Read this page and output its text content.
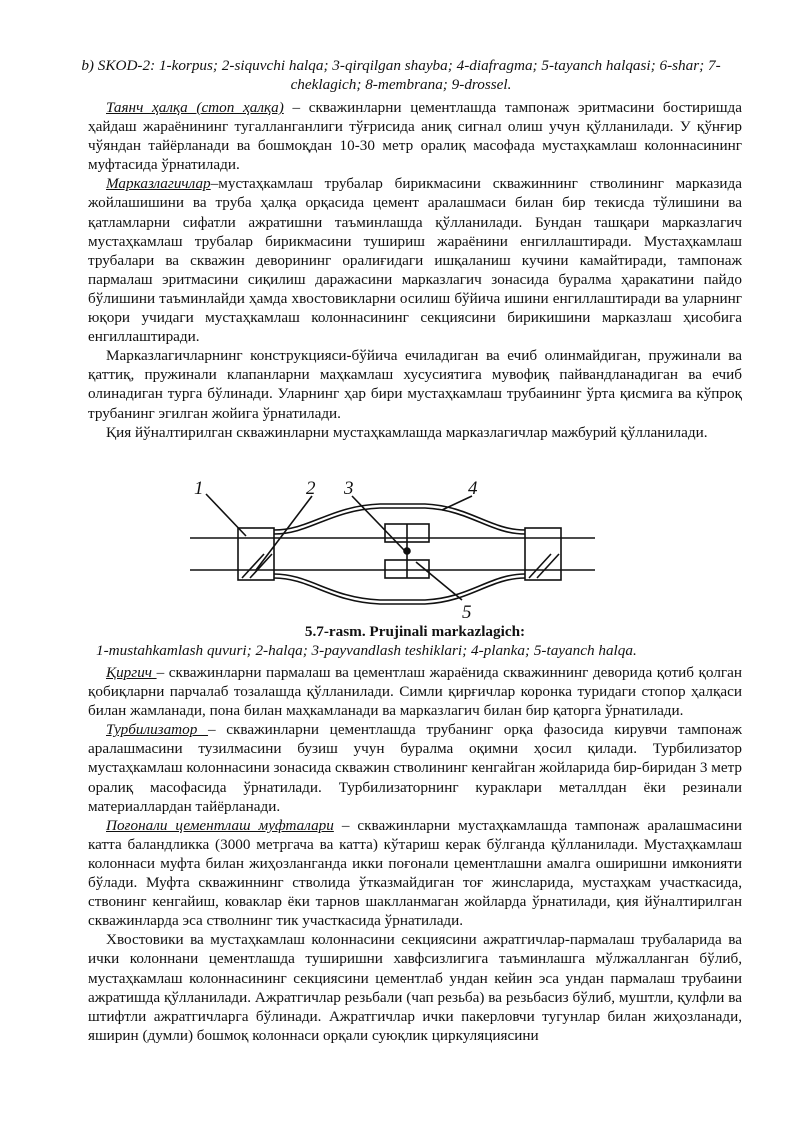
b) SKOD-2: 1-korpus; 2-siquvchi halqa; 3-qirqilgan shayba; 4-diafragma; 5-tayanch halqasi; 6-shar; 7-cheklagich; 8-membrana; 9-drossel.

Таянч ҳалқа (стоп ҳалқа) – скважинларни цементлашда тампонаж эритмасини бостиришда ҳайдаш жараёнининг тугалланганлиги тўғрисида аниқ сигнал олиш учун қўлланилади. У қўнғир чўяндан тайёрланади ва бошмоқдан 10-30 метр оралиқ масофада мустаҳкамлаш колоннасининг муфтасида ўрнатилади.

Марказлагичлар–мустаҳкамлаш трубалар бирикмасини скважиннинг стволининг марказида жойлашишини ва труба ҳалқа орқасида цемент аралашмаси билан бир текисда тўлишини ва қатламларни сифатли ажратишни таъминлашда қўлланилади. Бундан ташқари марказлагич мустаҳкамлаш трубалар бирикмасини тушириш жараёнини енгиллаштиради. Мустаҳкамлаш трубалари ва скважин деворининг оралиғидаги ишқаланиш кучини камайтиради, тампонаж пармалаш эритмасини сиқилиш даражасини марказлагич зонасида буралма ҳаракатини пайдо бўлишини таъминлайди ҳамда хвостовикларни осилиш бўйича ишини енгиллаштиради ва уларнинг юқори учидаги мустаҳкамлаш колоннасининг секциясини бирикишини марказлаш ҳисобига енгиллаштиради.

Марказлагичларнинг конструкцияси-бўйича ечиладиган ва ечиб олинмайдиган, пружинали ва қаттиқ, пружинали клапанларни маҳкамлаш хусусиятига мувофиқ пайвандланадиган ва ечиб олинадиган турга бўлинади. Уларнинг ҳар бири мустаҳкамлаш трубаининг ўрта қисмига ва кўпроқ трубанинг эгилган жойига ўрнатилади.

Қия йўналтирилган скважинларни мустаҳкамлашда марказлагичлар мажбурий қўлланилади.

1	2 3	4
5
5.7-rasm. Prujinali markazlagich:
1-mustahkamlash quvuri; 2-halqa; 3-payvandlash teshiklari; 4-planka; 5-tayanch halqa.

Қиргич – скважинларни пармалаш ва цементлаш жараёнида скважиннинг деворида қотиб қолган қобиқларни парчалаб тозалашда қўлланилади. Симли қирғичлар коронка туридаги стопор ҳалқаси билан жамланади, пона билан маҳкамланади ва марказлагич билан бир қаторга ўрнатилади.

Турбилизатор – скважинларни цементлашда трубанинг орқа фазосида кирувчи тампонаж аралашмасини тузилмасини бузиш учун буралма оқимни ҳосил қилади. Турбилизатор мустаҳкамлаш колоннасини зонасида скважин стволининг кенгайган жойларида бир-биридан 3 метр оралиқ масофасида ўрнатилади. Турбилизаторнинг кураклари металлдан ёки резинали материаллардан тайёрланади.

Поғонали цементлаш муфталари – скважинларни мустаҳкамлашда тампонаж аралашмасини катта баландликка (3000 метргача ва катта) кўтариш керак бўлганда қўлланилади. Мустаҳкамлаш колоннаси муфта билан жиҳозланганда икки поғонали цементлашни амалга оширишни имконияти бўлади. Муфта скважиннинг стволида ўтказмайдиган тоғ жинсларида, мустаҳкам участкасида, ствонинг кенгайиш, коваклар ёки тарнов шаклланмаган жойларда ўрнатилади, қия йўналтирилган скважинларда эса стволнинг тик участкасида ўрнатилади.

Хвостовики ва мустаҳкамлаш колоннасини секциясини ажратгичлар-пармалаш трубаларида ва ички колоннани цементлашда туширишни хавфсизлигига таъминлашга мўлжалланган бўлиб, мустаҳкамлаш колоннасининг секциясини цементлаб ундан кейин эса ундан пармалаш трубаини ажратишда қўлланилади. Ажратгичлар резьбали (чап резьба) ва резьбасиз бўлиб, муштли, қулфли ва штифтли ажратгичларга бўлинади. Ажратгичлар ички пакерловчи тугунлар билан жиҳозланади, яширин (думли) бошмоқ колоннаси орқали суюқлик циркуляциясини
